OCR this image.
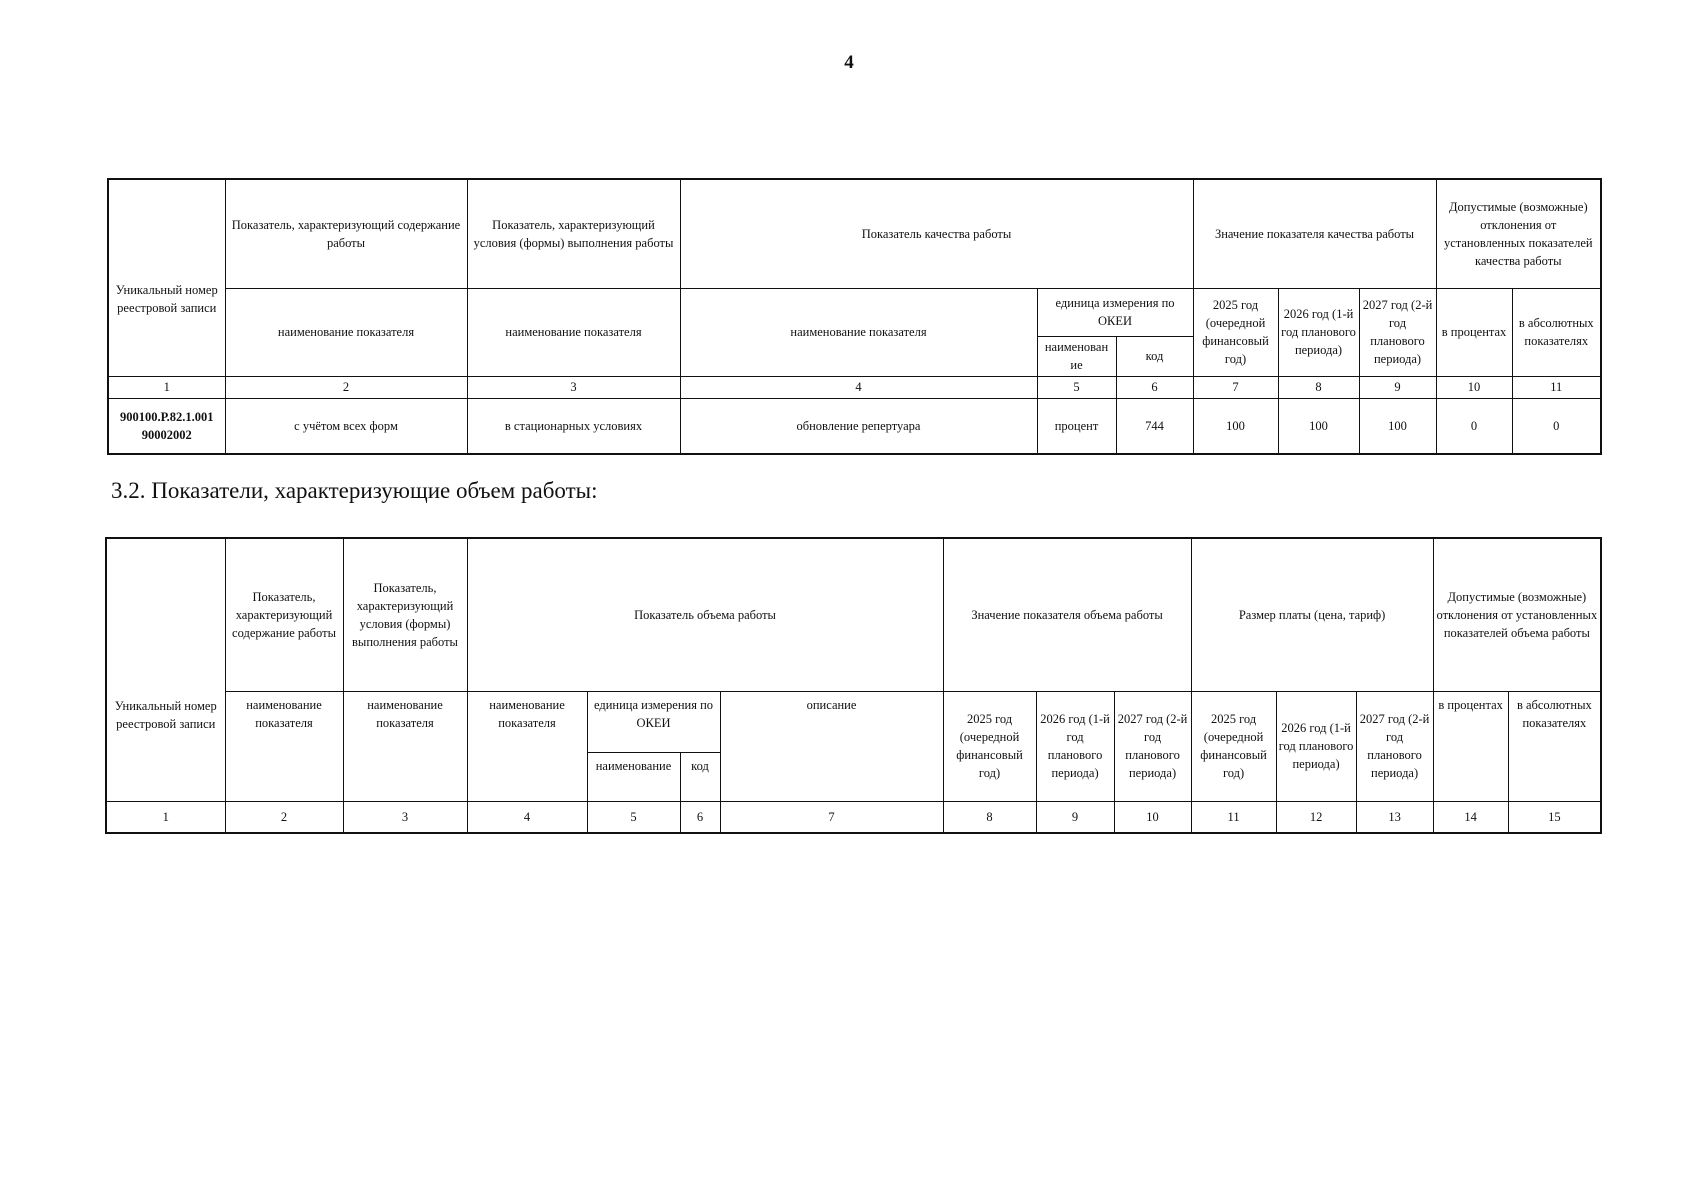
4
Уникальный номер реестровой записи	Показатель, характеризующий содержание работы	Показатель, характеризующий условия (формы) выполнения работы	Показатель качества работы			Значение показателя качества работы			Допустимые (возможные) отклонения от установленных показателей качества работы	
	наименование показателя	наименование показателя	наименование показателя	единица измерения по ОКЕИ		2025 год (очередной финансовый год)	2026 год (1-й год планового периода)	2027 год (2-й год планового периода)	в процентах	в абсолютных показателях
				наименован ие	код					
1	2	3	4	5	6	7	8	9	10	11
900100.Р.82.1.001 90002002	с учётом всех форм	в стационарных условиях	обновление репертуара	процент	744	100	100	100	0	0
3.2. Показатели, характеризующие объем работы:
Уникальный номер реестровой записи	Показатель, характеризующий содержание работы	Показатель, характеризующий условия (формы) выполнения работы	Показатель объема работы				Значение показателя объема работы			Размер платы (цена, тариф)			Допустимые (возможные) отклонения от установленных показателей объема работы	
	наименование показателя	наименование показателя	наименование показателя	единица измерения по ОКЕИ		описание	2025 год (очередной финансовый год)	2026 год (1-й год планового периода)	2027 год (2-й год планового периода)	2025 год (очередной финансовый год)	2026 год (1-й год планового периода)	2027 год (2-й год планового периода)	в процентах	в абсолютных показателях
				наименование	код									
1	2	3	4	5	6	7	8	9	10	11	12	13	14	15
